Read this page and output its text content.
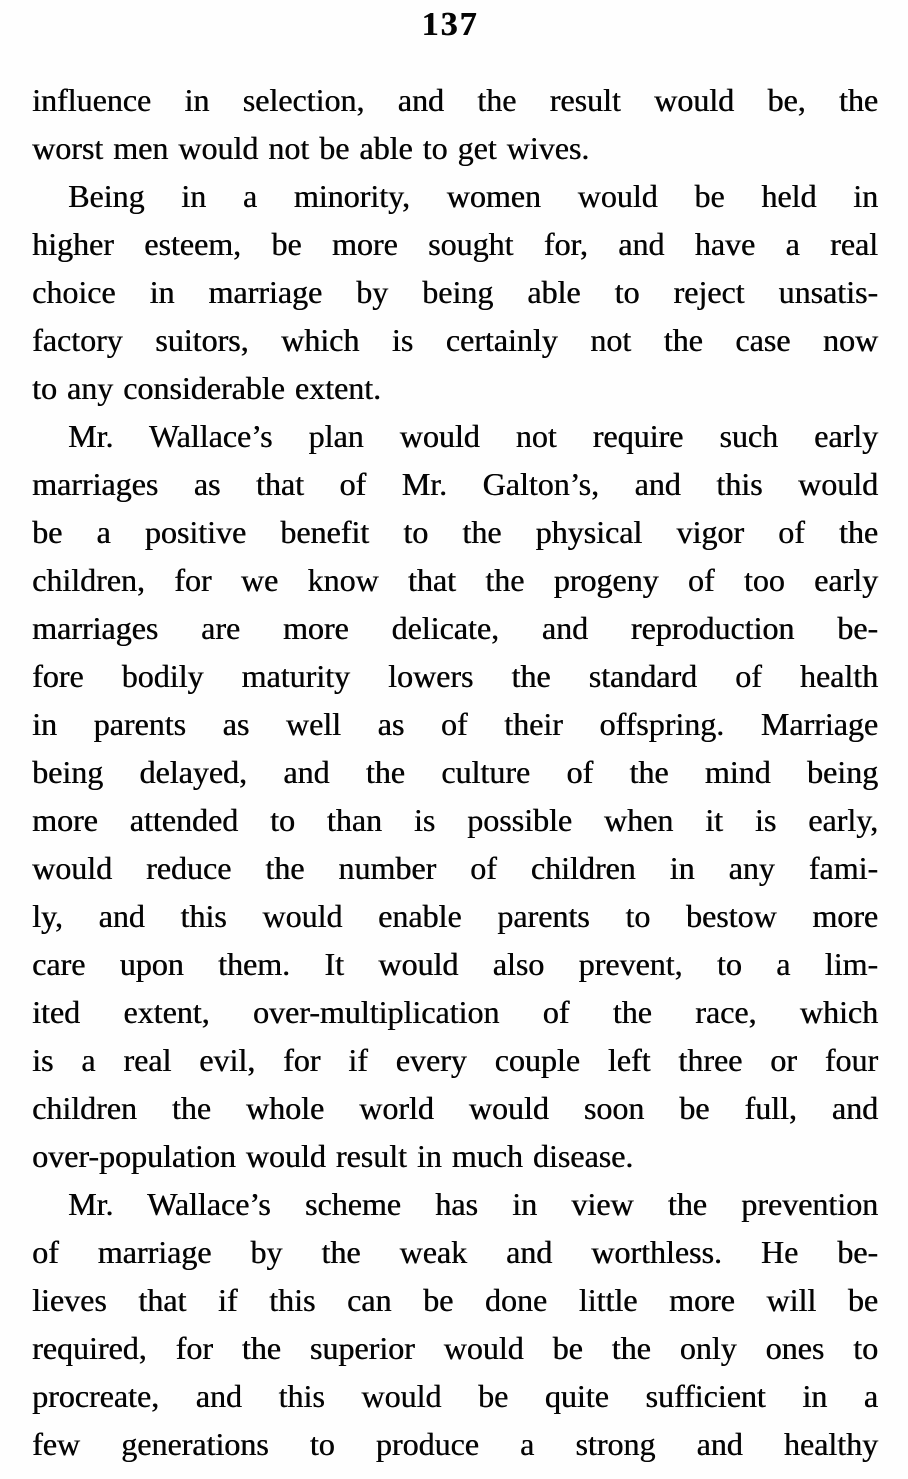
137
influence in selection, and the result would be, the
worst men would not be able to get wives.
Being in a minority, women would be held in
higher esteem, be more sought for, and have a real
choice in marriage by being able to reject unsatis-
factory suitors, which is certainly not the case now
to any considerable extent.
Mr. Wallace’s plan would not require such early
marriages as that of Mr. Galton’s, and this would
be a positive benefit to the physical vigor of the
children, for we know that the progeny of too early
marriages are more delicate, and reproduction be-
fore bodily maturity lowers the standard of health
in parents as well as of their offspring. Marriage
being delayed, and the culture of the mind being
more attended to than is possible when it is early,
would reduce the number of children in any fami-
ly, and this would enable parents to bestow more
care upon them. It would also prevent, to a lim-
ited extent, over-multiplication of the race, which
is a real evil, for if every couple left three or four
children the whole world would soon be full, and
over-population would result in much disease.
Mr. Wallace’s scheme has in view the prevention
of marriage by the weak and worthless. He be-
lieves that if this can be done little more will be
required, for the superior would be the only ones to
procreate, and this would be quite sufficient in a
few generations to produce a strong and healthy
